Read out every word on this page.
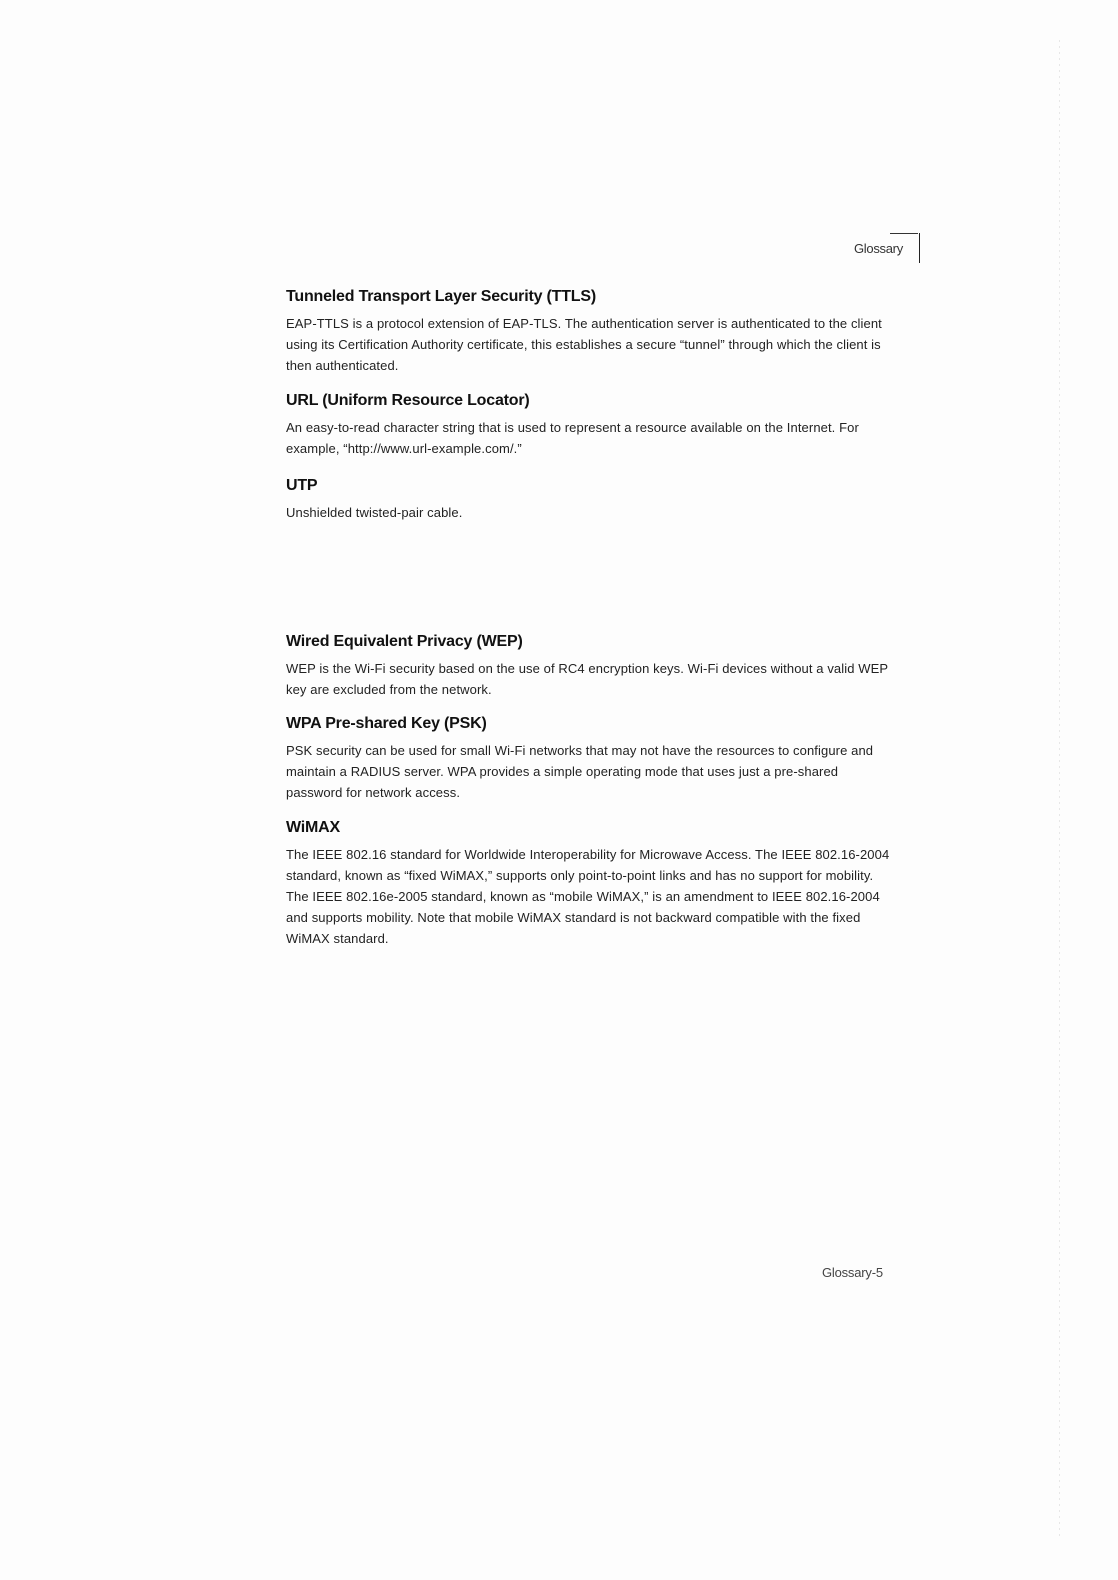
Glossary
Tunneled Transport Layer Security (TTLS)

EAP-TTLS is a protocol extension of EAP-TLS. The authentication server is authenticated to the client using its Certification Authority certificate, this establishes a secure “tunnel” through which the client is then authenticated.

URL (Uniform Resource Locator)

An easy-to-read character string that is used to represent a resource available on the Internet. For example, “http://www.url-example.com/.”

UTP

Unshielded twisted-pair cable.

Wired Equivalent Privacy (WEP)

WEP is the Wi-Fi security based on the use of RC4 encryption keys. Wi-Fi devices without a valid WEP key are excluded from the network.

WPA Pre-shared Key (PSK)

PSK security can be used for small Wi-Fi networks that may not have the resources to configure and maintain a RADIUS server. WPA provides a simple operating mode that uses just a pre-shared password for network access.

WiMAX

The IEEE 802.16 standard for Worldwide Interoperability for Microwave Access. The IEEE 802.16-2004 standard, known as “fixed WiMAX,” supports only point-to-point links and has no support for mobility. The IEEE 802.16e-2005 standard, known as “mobile WiMAX,” is an amendment to IEEE 802.16-2004 and supports mobility. Note that mobile WiMAX standard is not backward compatible with the fixed WiMAX standard.

Glossary-5
